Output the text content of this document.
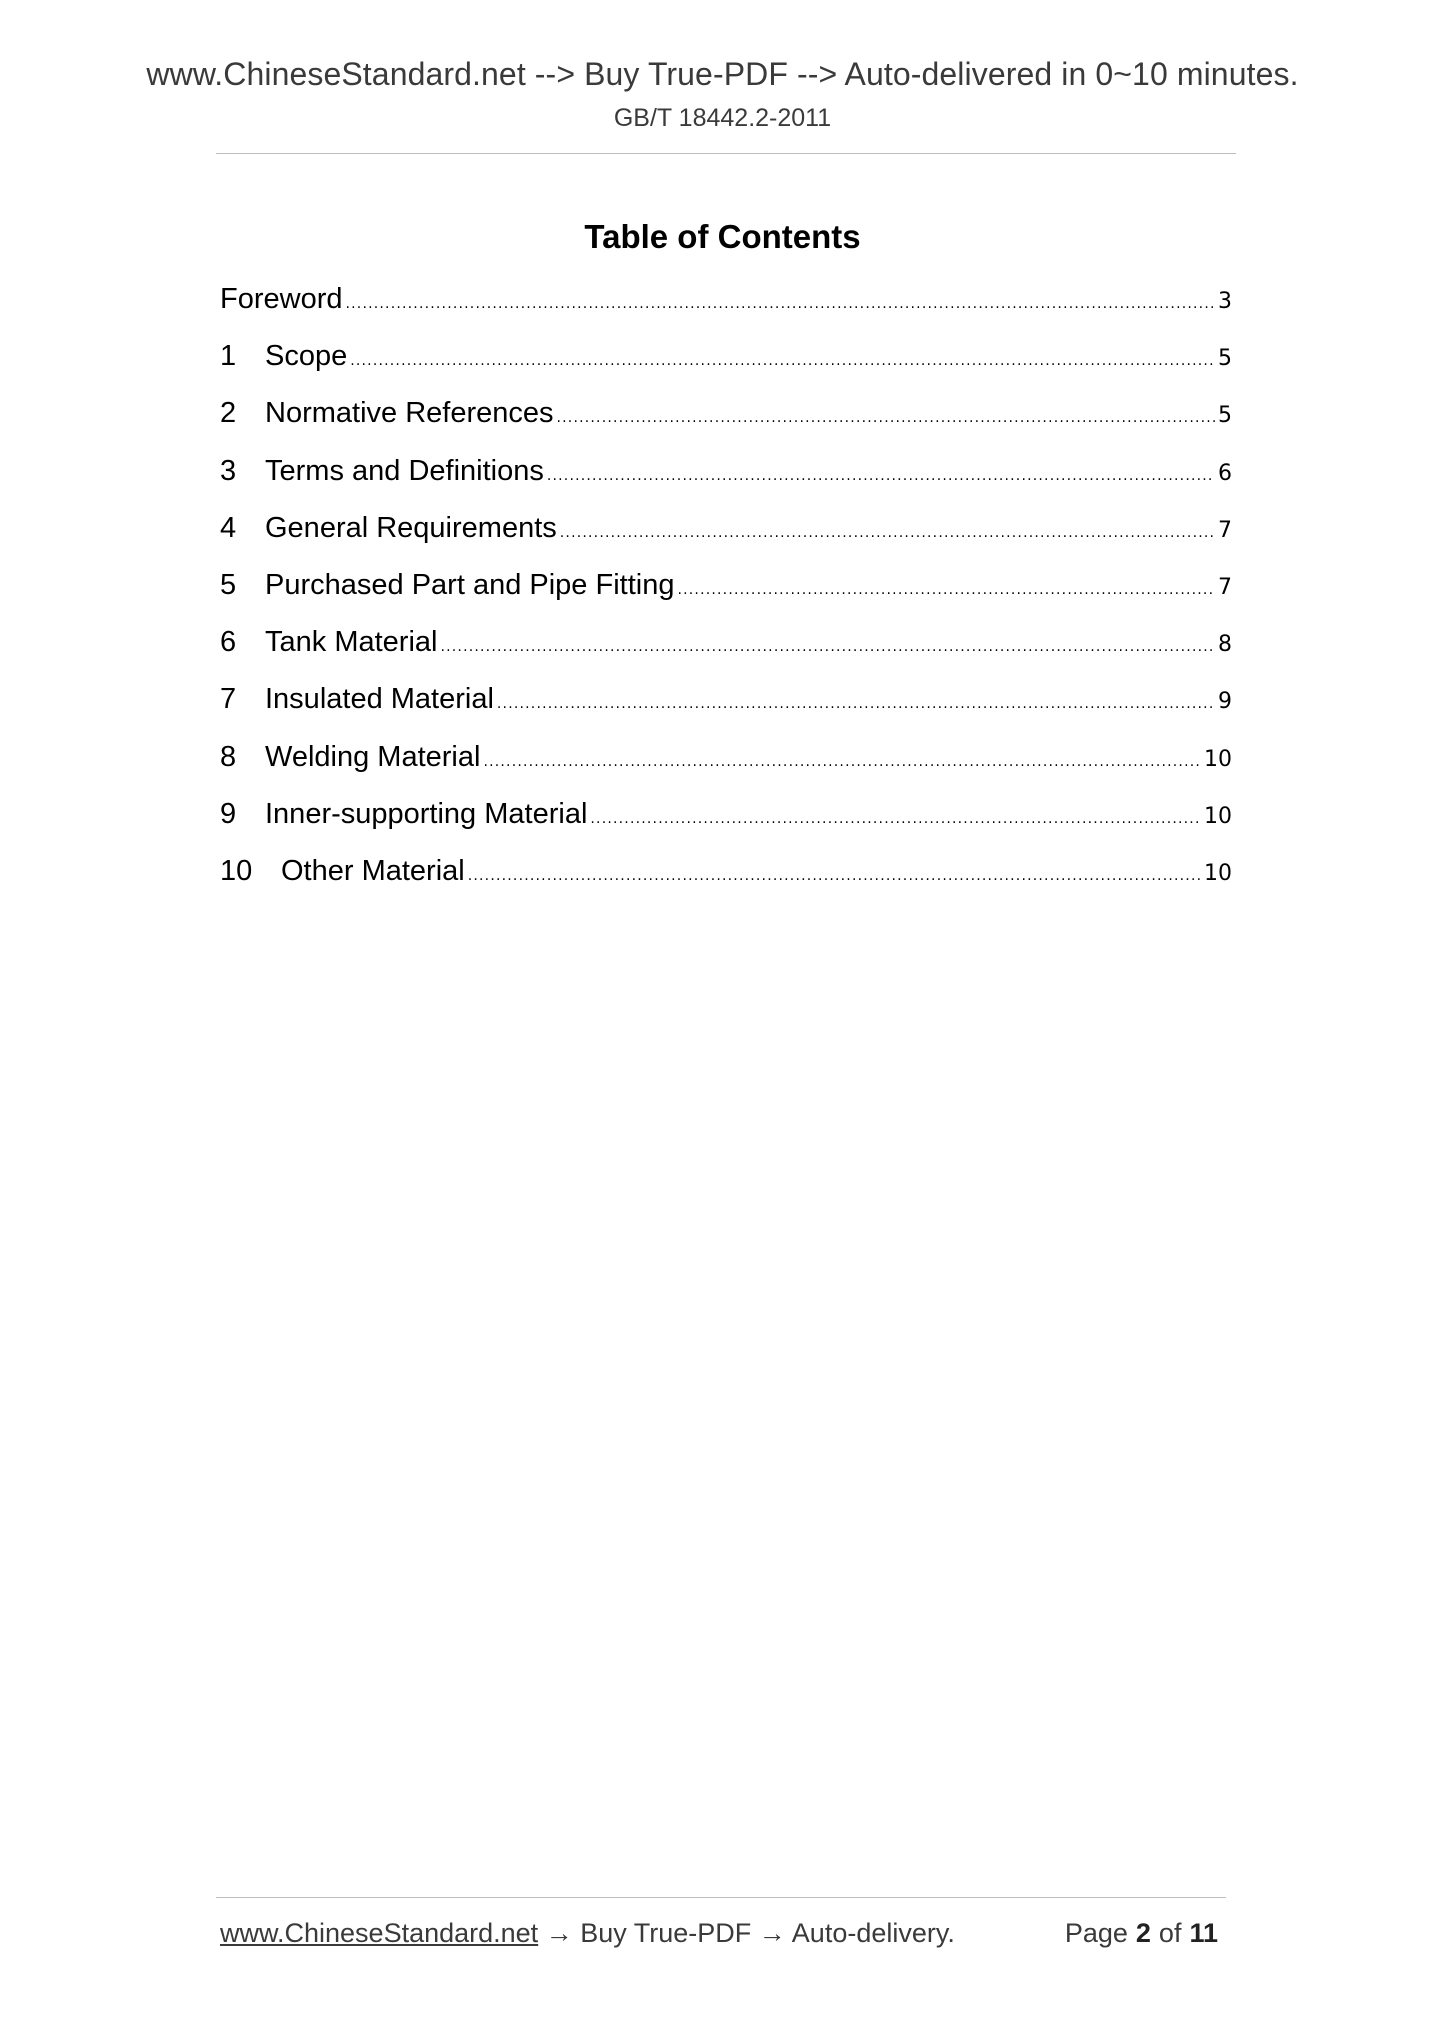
www.ChineseStandard.net --> Buy True-PDF --> Auto-delivered in 0~10 minutes.
GB/T 18442.2-2011
Table of Contents
Foreword .....	3
1 Scope .....	5
2 Normative References .....	5
3 Terms and Definitions .....	6
4 General Requirements .....	7
5 Purchased Part and Pipe Fitting .....	7
6 Tank Material .....	8
7 Insulated Material .....	9
8 Welding Material .....	10
9 Inner-supporting Material .....	10
10 Other Material .....	10
www.ChineseStandard.net → Buy True-PDF → Auto-delivery.	Page 2 of 11
